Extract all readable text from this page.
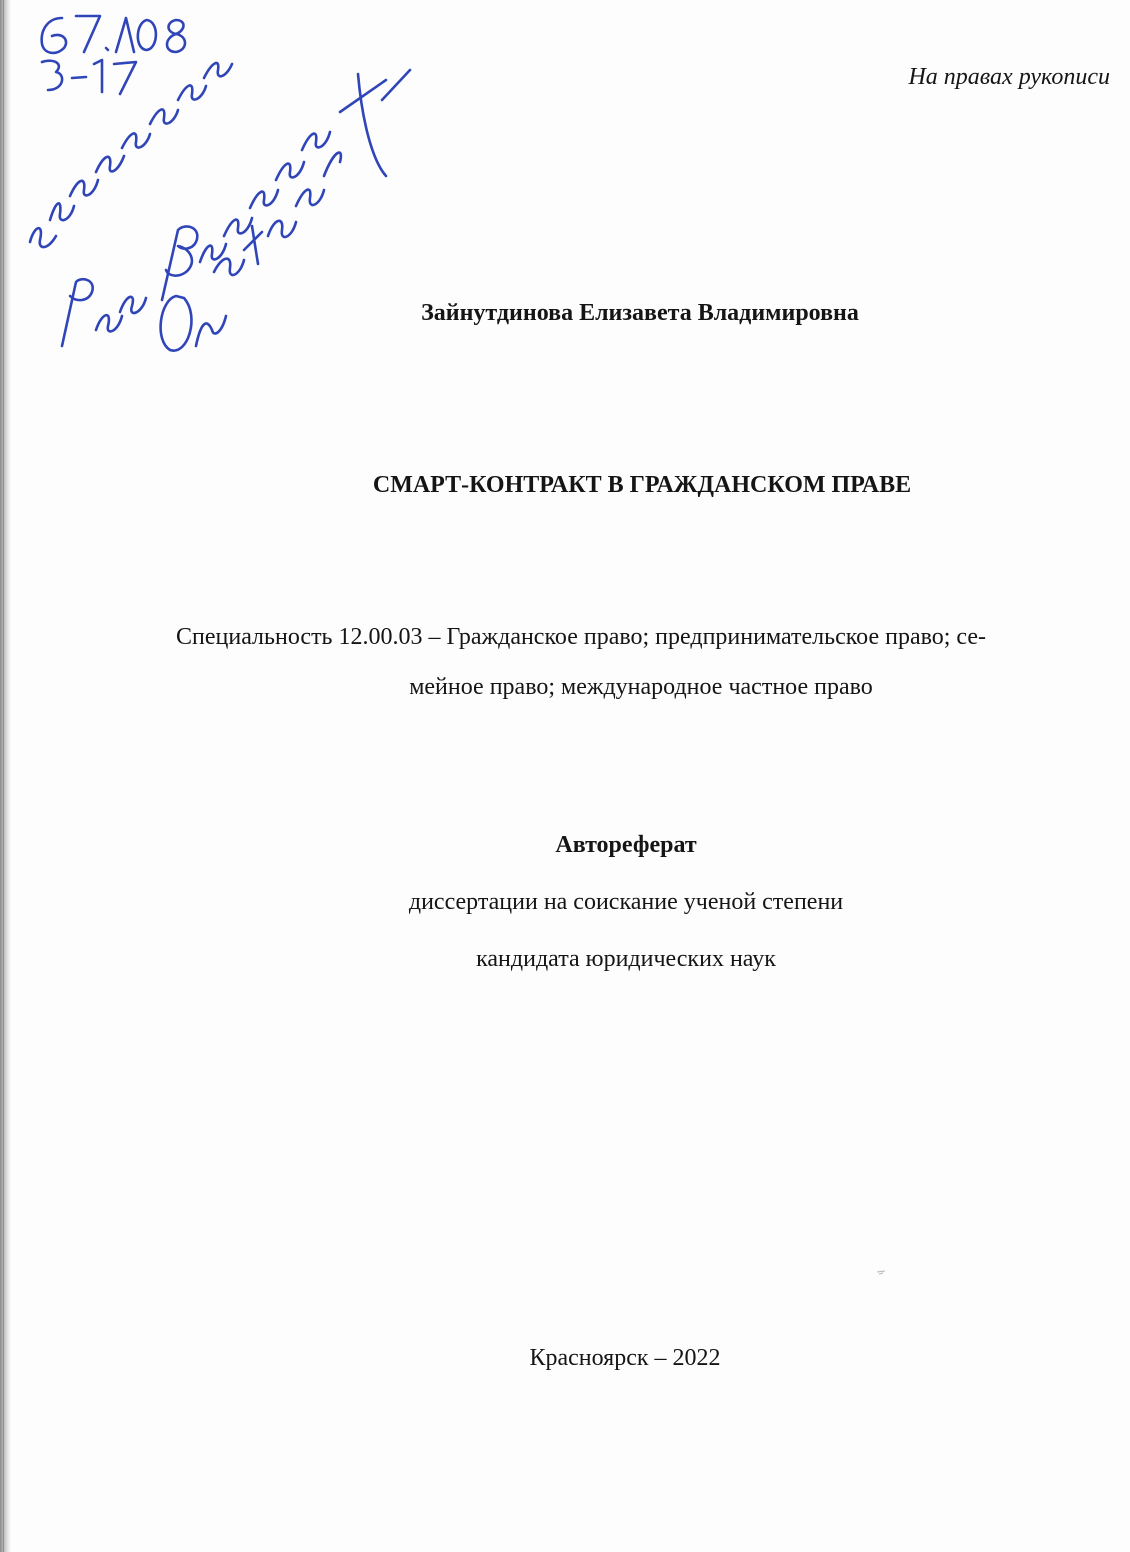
На правах рукописи
Зайнутдинова Елизавета Владимировна
СМАРТ-КОНТРАКТ В ГРАЖДАНСКОМ ПРАВЕ
Специальность 12.00.03 – Гражданское право; предпринимательское право; се-
мейное право; международное частное право
Автореферат
диссертации на соискание ученой степени
кандидата юридических наук
Красноярск – 2022
